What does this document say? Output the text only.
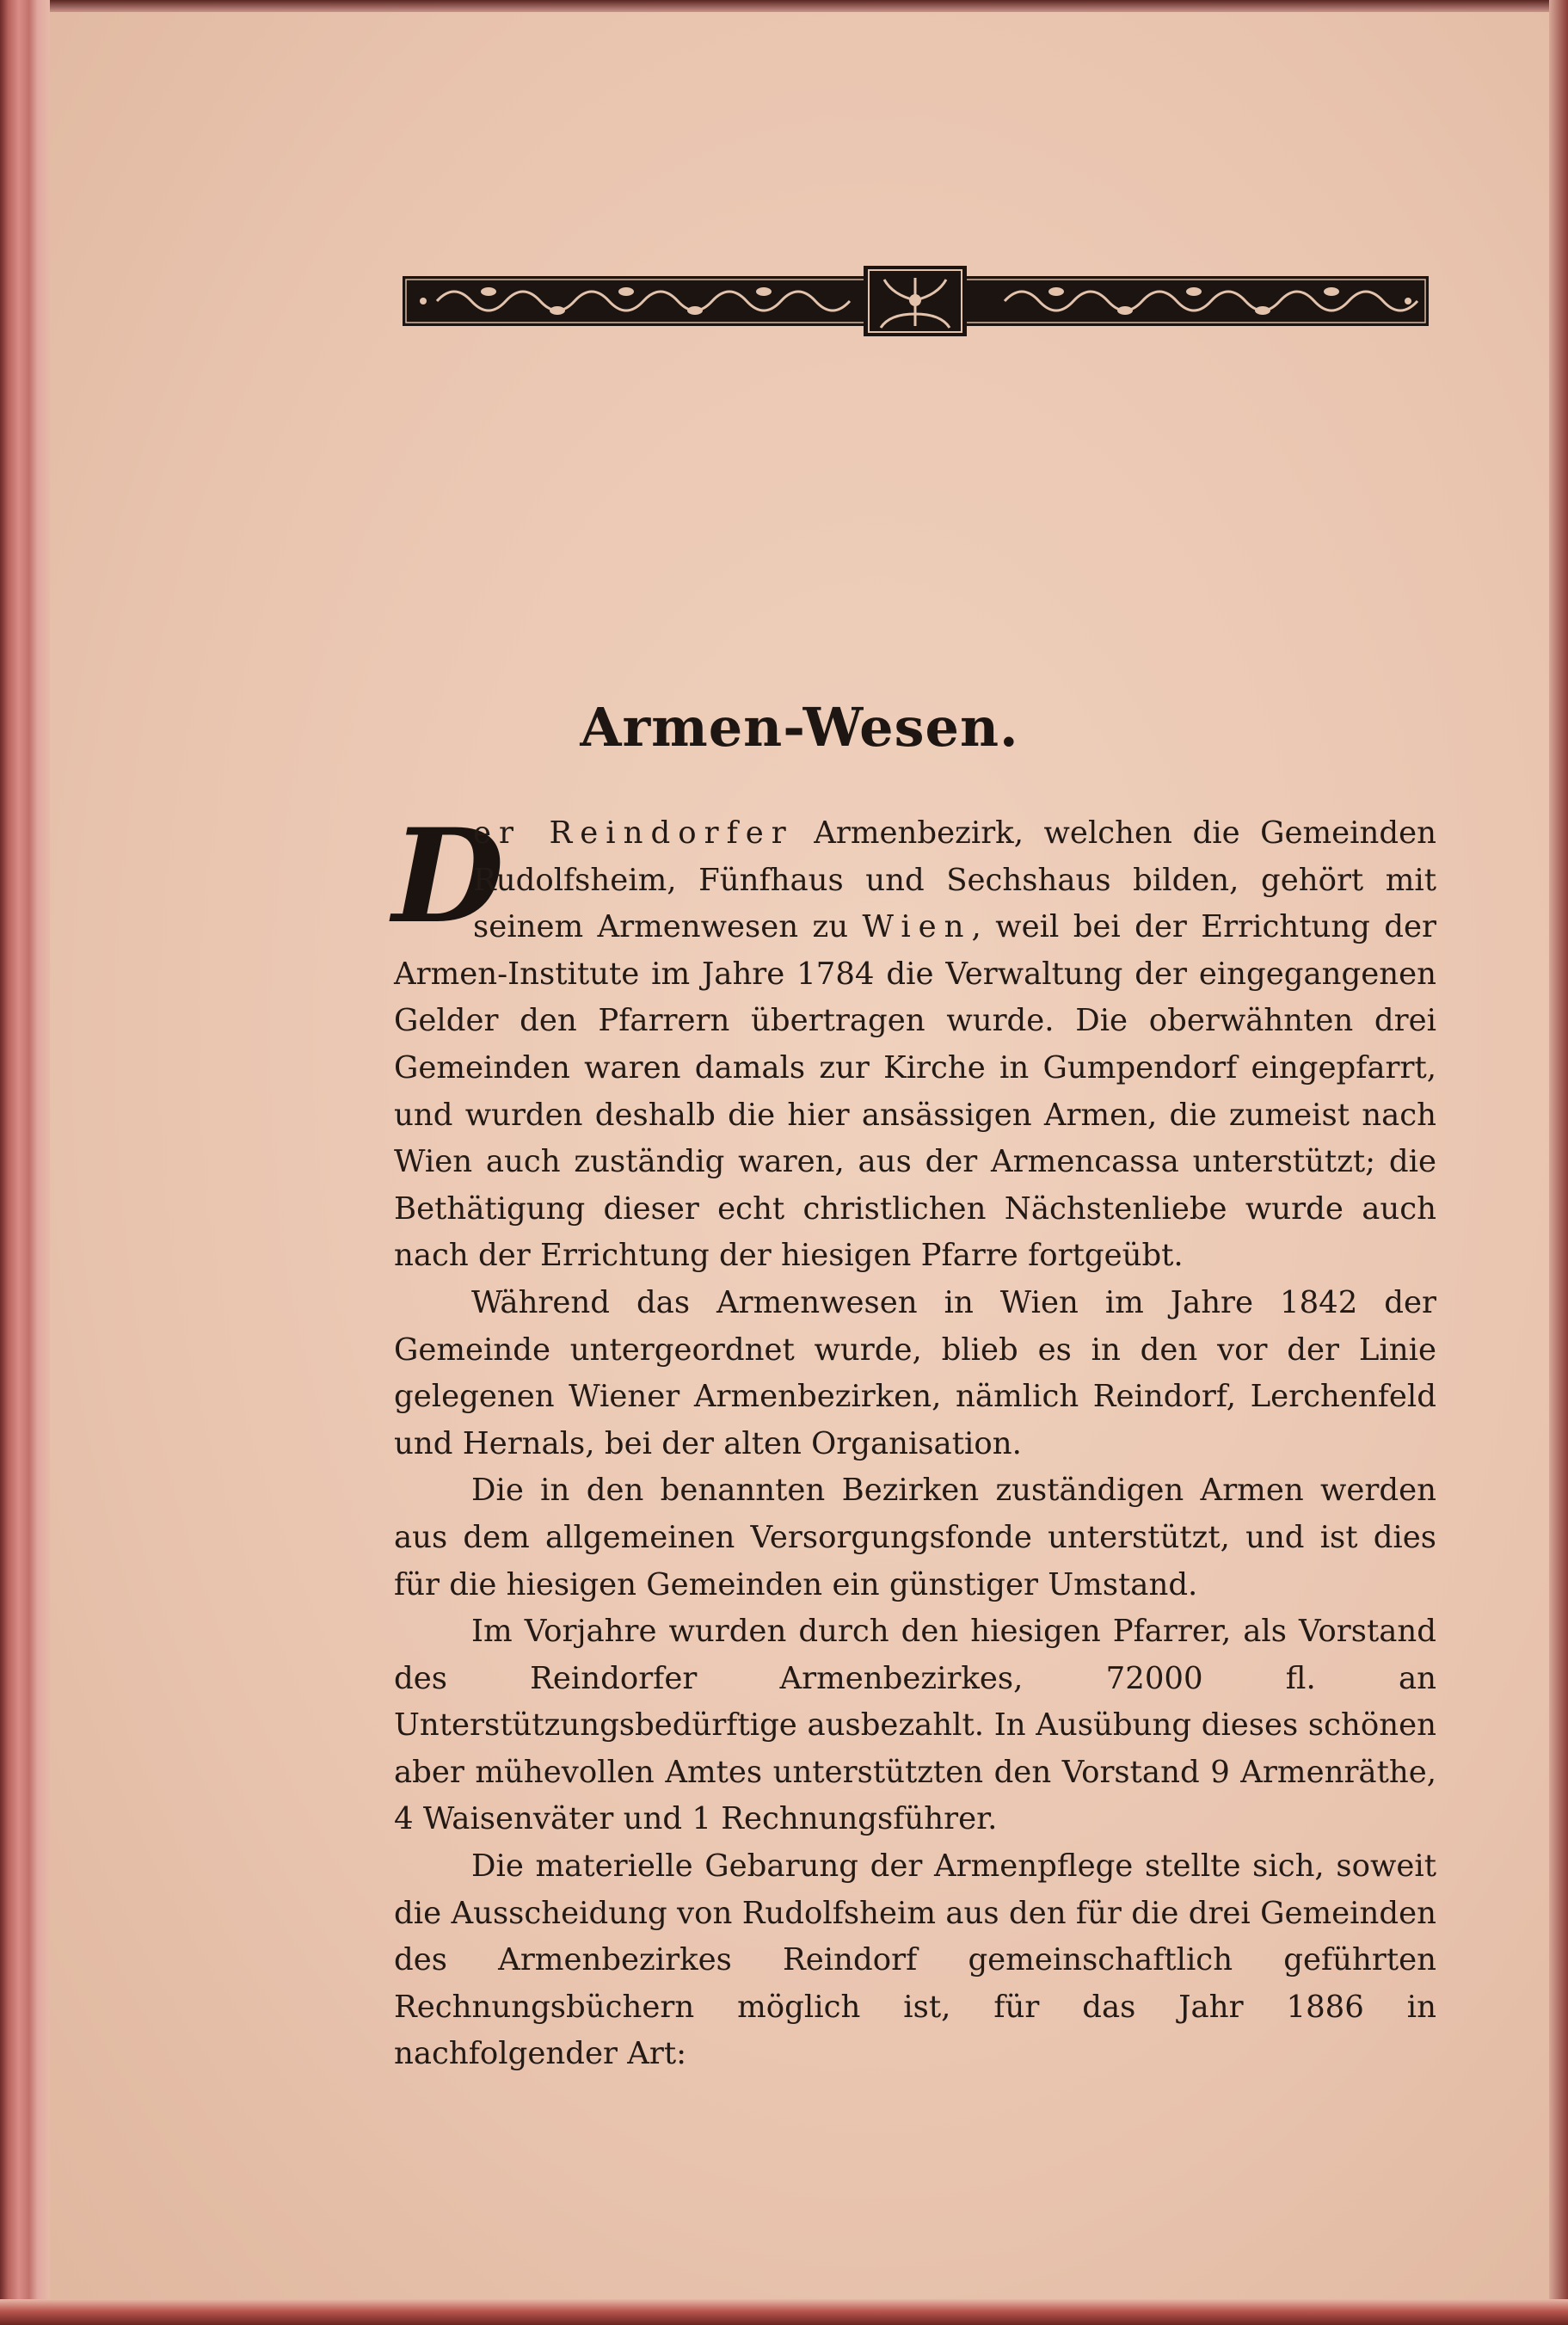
Armen-Wesen.

D
er Reindorfer Armenbezirk, welchen die Gemeinden Rudolfsheim, Fünfhaus und Sechshaus bilden, gehört mit seinem Armenwesen zu Wien, weil bei der Errichtung der Armen-Institute im Jahre 1784 die Verwaltung der eingegangenen Gelder den Pfarrern übertragen wurde. Die oberwähnten drei Gemeinden waren damals zur Kirche in Gumpendorf eingepfarrt, und wurden deshalb die hier ansässigen Armen, die zumeist nach Wien auch zuständig waren, aus der Armencassa unterstützt; die Bethätigung dieser echt christlichen Nächstenliebe wurde auch nach der Errichtung der hiesigen Pfarre fortgeübt.

Während das Armenwesen in Wien im Jahre 1842 der Gemeinde untergeordnet wurde, blieb es in den vor der Linie gelegenen Wiener Armenbezirken, nämlich Reindorf, Lerchenfeld und Hernals, bei der alten Organisation.

Die in den benannten Bezirken zuständigen Armen werden aus dem allgemeinen Versorgungsfonde unterstützt, und ist dies für die hiesigen Gemeinden ein günstiger Umstand.

Im Vorjahre wurden durch den hiesigen Pfarrer, als Vorstand des Reindorfer Armenbezirkes, 72000 fl. an Unterstützungsbedürftige ausbezahlt. In Ausübung dieses schönen aber mühevollen Amtes unterstützten den Vorstand 9 Armenräthe, 4 Waisenväter und 1 Rechnungsführer.

Die materielle Gebarung der Armenpflege stellte sich, soweit die Ausscheidung von Rudolfsheim aus den für die drei Gemeinden des Armenbezirkes Reindorf gemeinschaftlich geführten Rechnungsbüchern möglich ist, für das Jahr 1886 in nachfolgender Art:
